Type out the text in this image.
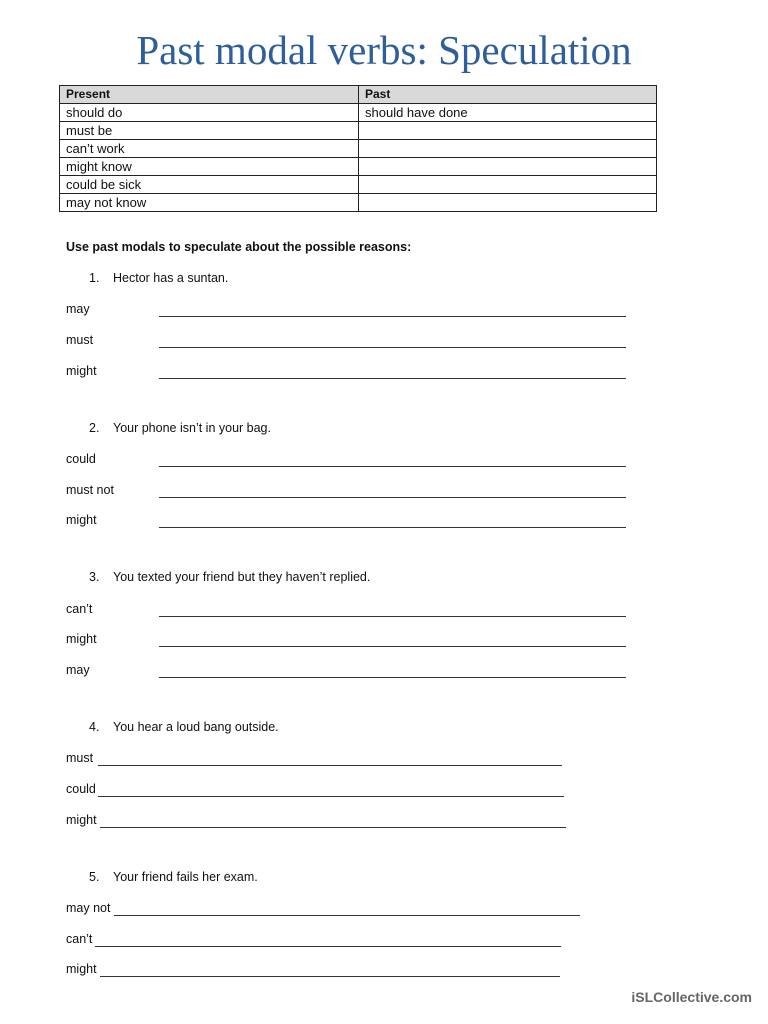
Past modal verbs: Speculation
Present	Past
should do	should have done
must be	
can’t work	
might know	
could be sick	
may not know	
Use past modals to speculate about the possible reasons:
1. Hector has a suntan.
may
must
might
2. Your phone isn’t in your bag.
could
must not
might
3. You texted your friend but they haven’t replied.
can’t
might
may
4. You hear a loud bang outside.
must
could
might
5. Your friend fails her exam.
may not
can’t
might
iSLCollective.com
